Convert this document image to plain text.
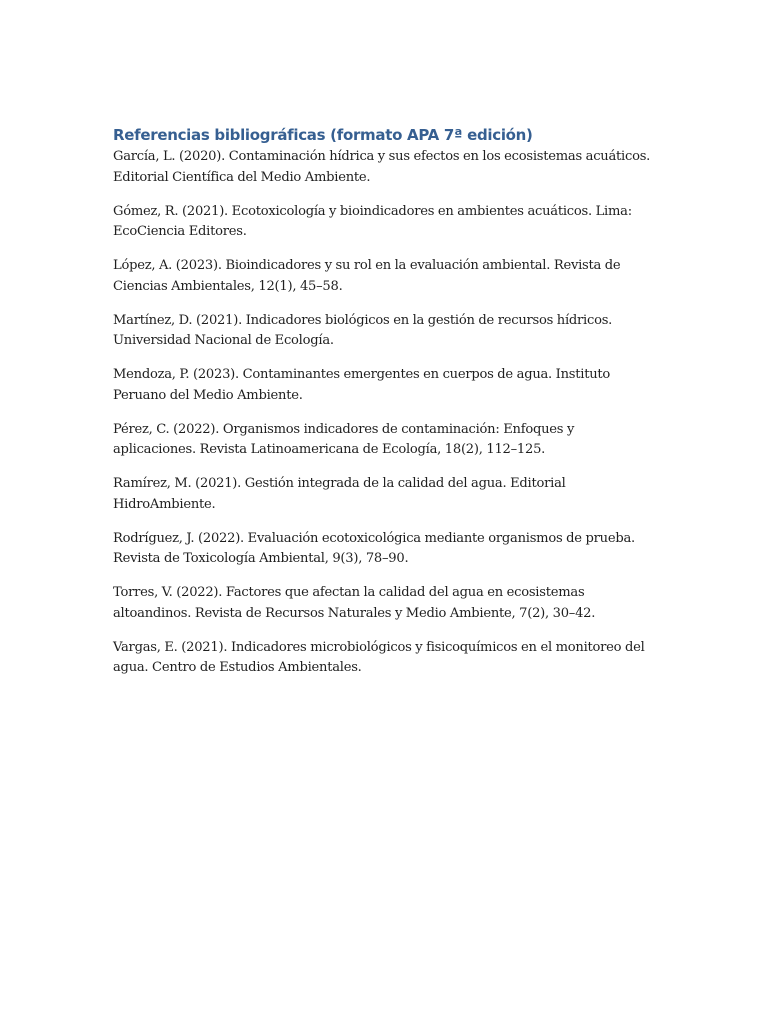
Referencias bibliográficas (formato APA 7ª edición)

García, L. (2020). Contaminación hídrica y sus efectos en los ecosistemas acuáticos. Editorial Científica del Medio Ambiente.

Gómez, R. (2021). Ecotoxicología y bioindicadores en ambientes acuáticos. Lima: EcoCiencia Editores.

López, A. (2023). Bioindicadores y su rol en la evaluación ambiental. Revista de Ciencias Ambientales, 12(1), 45–58.

Martínez, D. (2021). Indicadores biológicos en la gestión de recursos hídricos. Universidad Nacional de Ecología.

Mendoza, P. (2023). Contaminantes emergentes en cuerpos de agua. Instituto Peruano del Medio Ambiente.

Pérez, C. (2022). Organismos indicadores de contaminación: Enfoques y aplicaciones. Revista Latinoamericana de Ecología, 18(2), 112–125.

Ramírez, M. (2021). Gestión integrada de la calidad del agua. Editorial HidroAmbiente.

Rodríguez, J. (2022). Evaluación ecotoxicológica mediante organismos de prueba. Revista de Toxicología Ambiental, 9(3), 78–90.

Torres, V. (2022). Factores que afectan la calidad del agua en ecosistemas altoandinos. Revista de Recursos Naturales y Medio Ambiente, 7(2), 30–42.

Vargas, E. (2021). Indicadores microbiológicos y fisicoquímicos en el monitoreo del agua. Centro de Estudios Ambientales.
